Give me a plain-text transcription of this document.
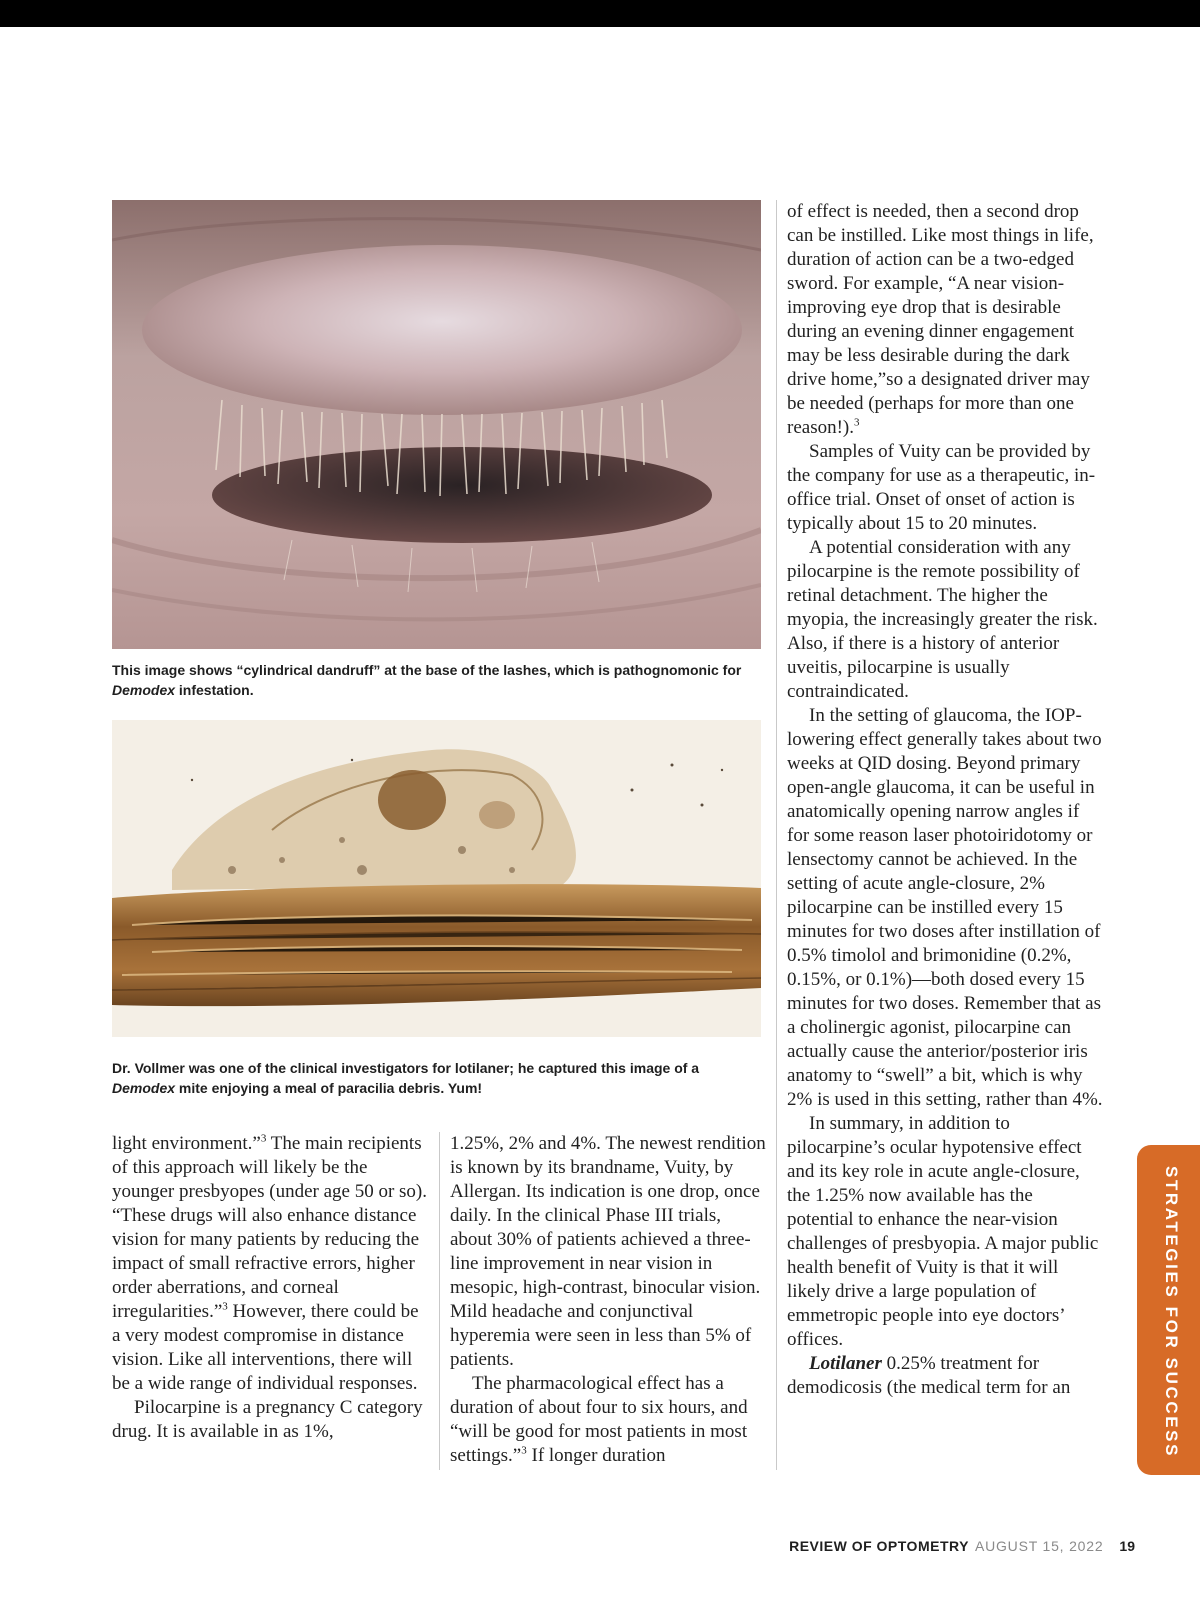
This image shows “cylindrical dandruff” at the base of the lashes, which is pathognomonic for Demodex infestation.

Dr. Vollmer was one of the clinical investigators for lotilaner; he captured this image of a Demodex mite enjoying a meal of paracilia debris. Yum!

light environment.”$^3$ The main recipients of this approach will likely be the younger presbyopes (under age 50 or so). “These drugs will also enhance distance vision for many patients by reducing the impact of small refractive errors, higher order aberrations, and corneal irregularities.”$^3$ However, there could be a very modest compromise in distance vision. Like all interventions, there will be a wide range of individual responses.

Pilocarpine is a pregnancy C category drug. It is available in as 1%,

1.25%, 2% and 4%. The newest rendition is known by its brandname, Vuity, by Allergan. Its indication is one drop, once daily. In the clinical Phase III trials, about 30% of patients achieved a three-line improvement in near vision in mesopic, high-contrast, binocular vision. Mild headache and conjunctival hyperemia were seen in less than 5% of patients.

The pharmacological effect has a duration of about four to six hours, and “will be good for most patients in most settings.”$^3$ If longer duration

of effect is needed, then a second drop can be instilled. Like most things in life, duration of action can be a two-edged sword. For example, “A near vision-improving eye drop that is desirable during an evening dinner engagement may be less desirable during the dark drive home,”so a designated driver may be needed (perhaps for more than one reason!).$^3$

Samples of Vuity can be provided by the company for use as a therapeutic, in-office trial. Onset of onset of action is typically about 15 to 20 minutes.

A potential consideration with any pilocarpine is the remote possibility of retinal detachment. The higher the myopia, the increasingly greater the risk. Also, if there is a history of anterior uveitis, pilocarpine is usually contraindicated.

In the setting of glaucoma, the IOP-lowering effect generally takes about two weeks at QID dosing. Beyond primary open-angle glaucoma, it can be useful in anatomically opening narrow angles if for some reason laser photoiridotomy or lensectomy cannot be achieved. In the setting of acute angle-closure, 2% pilocarpine can be instilled every 15 minutes for two doses after instillation of 0.5% timolol and brimonidine (0.2%, 0.15%, or 0.1%)—both dosed every 15 minutes for two doses. Remember that as a cholinergic agonist, pilocarpine can actually cause the anterior/posterior iris anatomy to “swell” a bit, which is why 2% is used in this setting, rather than 4%.

In summary, in addition to pilocarpine’s ocular hypotensive effect and its key role in acute angle-closure, the 1.25% now available has the potential to enhance the near-vision challenges of presbyopia. A major public health benefit of Vuity is that it will likely drive a large population of emmetropic people into eye doctors’ offices.

Lotilaner 0.25% treatment for demodicosis (the medical term for an	STRATEGIES FOR SUCCESS
REVIEW OF OPTOMETRY AUGUST 15, 2022 19
